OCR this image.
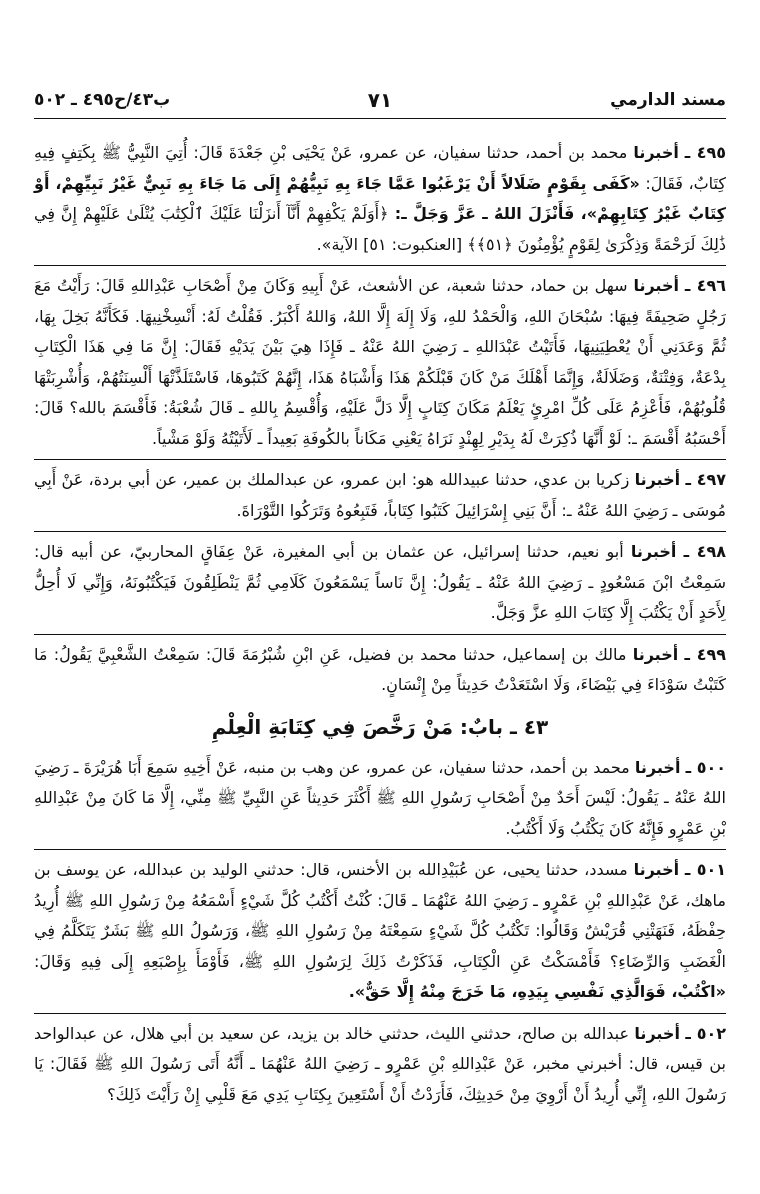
مسند الدارمي
٧١
ب٤٣/ح٤٩٥ ـ ٥٠٢

٤٩٥ ـ أخبرنا محمد بن أحمد، حدثنا سفيان، عن عمرو، عَنْ يَحْيَى بْنِ جَعْدَةَ قَالَ: أُتِيَ النَّبِيُّ ﷺ بِكَتِفٍ فِيهِ كِتَابٌ، فَقَالَ: «كَفَى بِقَوْمٍ ضَلَالاً أَنْ يَرْغَبُوا عَمَّا جَاءَ بِهِ نَبِيُّهُمْ إِلَى مَا جَاءَ بِهِ نَبِيٌّ غَيْرُ نَبِيِّهِمْ، أَوْ كِتَابٌ غَيْرُ كِتَابِهِمْ»، فَأَنْزَلَ اللهُ ـ عَزَّ وَجَلَّ ـ: ﴿أَوَلَمْ يَكْفِهِمْ أَنَّآ أَنزَلْنَا عَلَيْكَ ٱلْكِتَٰبَ يُتْلَىٰ عَلَيْهِمْ إِنَّ فِي ذَٰلِكَ لَرَحْمَةً وَذِكْرَىٰ لِقَوْمٍ يُؤْمِنُونَ ﴿٥١﴾﴾ [العنكبوت: ٥١] الآية».

٤٩٦ ـ أخبرنا سهل بن حماد، حدثنا شعبة، عن الأشعث، عَنْ أَبِيهِ وَكَانَ مِنْ أَصْحَابِ عَبْدِاللهِ قَالَ: رَأَيْتُ مَعَ رَجُلٍ صَحِيفَةً فِيهَا: سُبْحَانَ اللهِ، وَالْحَمْدُ للهِ، وَلَا إِلَهَ إِلَّا اللهُ، وَاللهُ أَكْبَرُ. فَقُلْتُ لَهُ: أَنْسِخْنِيهَا. فَكَأَنَّهُ بَخِلَ بِهَا، ثُمَّ وَعَدَنِي أَنْ يُعْطِيَنِيهَا، فَأَتَيْتُ عَبْدَاللهِ ـ رَضِيَ اللهُ عَنْهُ ـ فَإِذَا هِيَ بَيْنَ يَدَيْهِ فَقَالَ: إِنَّ مَا فِي هَذَا الْكِتَابِ بِدْعَةٌ، وَفِتْنَةٌ، وَضَلَالَةٌ، وَإِنَّمَا أَهْلَكَ مَنْ كَانَ قَبْلَكُمْ هَذَا وَأَشْبَاهُ هَذَا، إِنَّهُمْ كَتَبُوهَا، فَاسْتَلَذَّتْهَا أَلْسِنَتُهُمْ، وَأُشْرِبَتْهَا قُلُوبُهُمْ، فَأَعْزِمُ عَلَى كُلِّ امْرِئٍ يَعْلَمُ مَكَانَ كِتَابٍ إِلَّا دَلَّ عَلَيْهِ، وَأُقْسِمُ بِاللهِ ـ قَالَ شُعْبَةُ: فَأَقْسَمَ بالله؟ قَالَ: أَحْسَبُهُ أَقْسَمَ ـ: لَوْ أَنَّهَا ذُكِرَتْ لَهُ بِدَيْرِ لِهِنْدٍ نَرَاهُ يَعْنِي مَكَاناً بالكُوفَةِ بَعِيداً ـ لَأَتَيْتُهُ وَلَوْ مَشْياً.

٤٩٧ ـ أخبرنا زكريا بن عدي، حدثنا عبيدالله هو: ابن عمرو، عن عبدالملك بن عمير، عن أبي بردة، عَنْ أَبِي مُوسَى ـ رَضِيَ اللهُ عَنْهُ ـ: أَنَّ بَنِي إِسْرَائِيلَ كَتَبُوا كِتَاباً، فَتَبِعُوهُ وَتَرَكُوا التَّوْرَاةَ.

٤٩٨ ـ أخبرنا أبو نعيم، حدثنا إسرائيل، عن عثمان بن أبي المغيرة، عَنْ عِفَاقٍ المحاربيّ، عن أبيه قال: سَمِعْتُ ابْنَ مَسْعُودٍ ـ رَضِيَ اللهُ عَنْهُ ـ يَقُولُ: إِنَّ نَاساً يَسْمَعُونَ كَلَامِي ثُمَّ يَنْطَلِقُونَ فَيَكْتُبُونَهُ، وَإِنِّي لَا أُحِلُّ لِأَحَدٍ أَنْ يَكْتُبَ إِلَّا كِتَابَ اللهِ عزَّ وَجَلَّ.

٤٩٩ ـ أخبرنا مالك بن إسماعيل، حدثنا محمد بن فضيل، عَنِ ابْنِ شُبْرُمَةَ قَالَ: سَمِعْتُ الشَّعْبِيَّ يَقُولُ: مَا كَتَبْتُ سَوْدَاءَ فِي بَيْضَاءَ، وَلَا اسْتَعَدْتُ حَدِيثاً مِنْ إِنْسَانٍ.

٤٣ ـ بابٌ: مَنْ رَخَّصَ فِي كِتَابَةِ الْعِلْمِ

٥٠٠ ـ أخبرنا محمد بن أحمد، حدثنا سفيان، عن عمرو، عن وهب بن منبه، عَنْ أَخِيهِ سَمِعَ أَبَا هُرَيْرَةَ ـ رَضِيَ اللهُ عَنْهُ ـ يَقُولُ: لَيْسَ أَحَدٌ مِنْ أَصْحَابِ رَسُولِ اللهِ ﷺ أَكْثَرَ حَدِيثاً عَنِ النَّبِيِّ ﷺ مِنِّي، إِلَّا مَا كَانَ مِنْ عَبْدِاللهِ بْنِ عَمْرٍو فَإِنَّهُ كَانَ يَكْتُبُ وَلَا أَكْتُبُ.

٥٠١ ـ أخبرنا مسدد، حدثنا يحيى، عن عُبَيْدِالله بن الأخنس، قال: حدثني الوليد بن عبدالله، عن يوسف بن ماهك، عَنْ عَبْدِاللهِ بْنِ عَمْرٍو ـ رَضِيَ اللهُ عَنْهُمَا ـ قَالَ: كُنْتُ أَكْتُبُ كُلَّ شَيْءٍ أَسْمَعُهُ مِنْ رَسُولِ اللهِ ﷺ أُرِيدُ حِفْظَهُ، فَنَهَتْنِي قُرَيْشٌ وَقَالُوا: تَكْتُبُ كُلَّ شَيْءٍ سَمِعْتَهُ مِنْ رَسُولِ اللهِ ﷺ، وَرَسُولُ اللهِ ﷺ بَشَرٌ يَتَكَلَّمُ فِي الْغَضَبِ وَالرِّضَاءِ؟ فَأَمْسَكْتُ عَنِ الْكِتَابِ، فَذَكَرْتُ ذَلِكَ لِرَسُولِ اللهِ ﷺ، فَأَوْمَأَ بِإِصْبَعِهِ إِلَى فِيهِ وَقَالَ: «اكْتُبْ، فَوَالَّذِي نَفْسِي بِيَدِهِ، مَا خَرَجَ مِنْهُ إِلَّا حَقٌّ».

٥٠٢ ـ أخبرنا عبدالله بن صالح، حدثني الليث، حدثني خالد بن يزيد، عن سعيد بن أبي هلال، عن عبدالواحد بن قيس، قال: أخبرني مخبر، عَنْ عَبْدِاللهِ بْنِ عَمْرٍو ـ رَضِيَ اللهُ عَنْهُمَا ـ أَنَّهُ أَتَى رَسُولَ اللهِ ﷺ فَقَالَ: يَا رَسُولَ اللهِ، إِنِّي أُرِيدُ أَنْ أَرْوِيَ مِنْ حَدِيثِكَ، فَأَرَدْتُ أَنْ أَسْتَعِينَ بِكِتَابِ يَدِي مَعَ قَلْبِي إِنْ رَأَيْتَ ذَلِكَ؟
